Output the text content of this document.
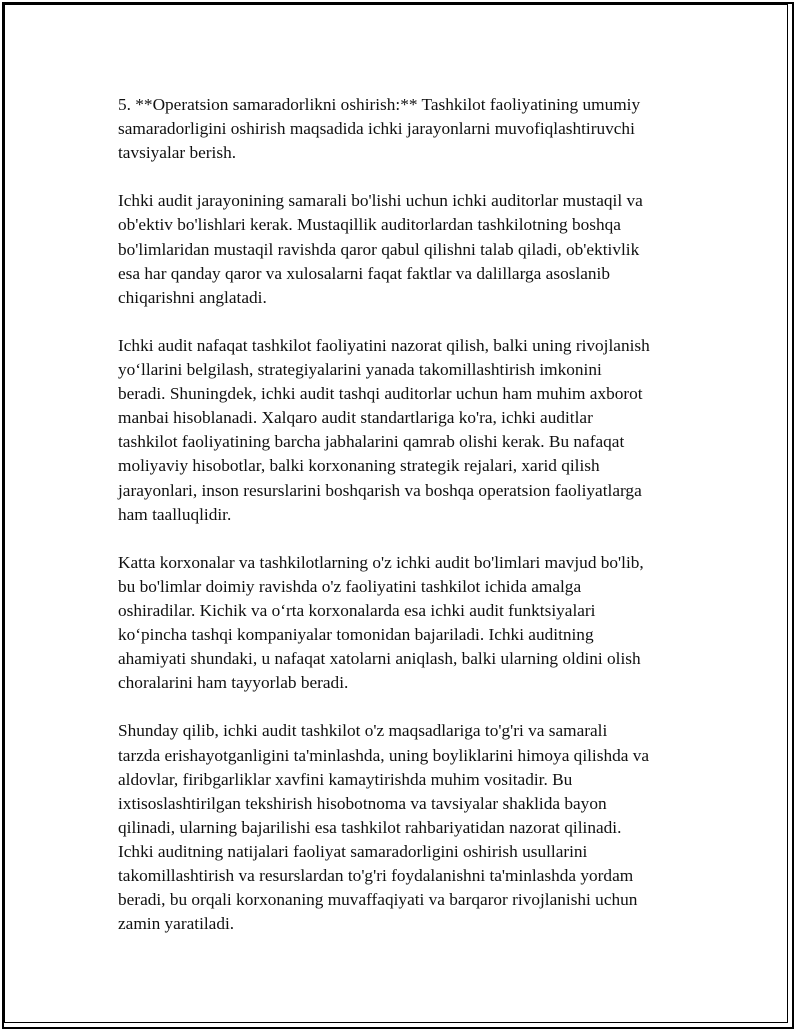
5. **Operatsion samaradorlikni oshirish:** Tashkilot faoliyatining umumiy
samaradorligini oshirish maqsadida ichki jarayonlarni muvofiqlashtiruvchi
tavsiyalar berish.

Ichki audit jarayonining samarali bo'lishi uchun ichki auditorlar mustaqil va
ob'ektiv bo'lishlari kerak. Mustaqillik auditorlardan tashkilotning boshqa
bo'limlaridan mustaqil ravishda qaror qabul qilishni talab qiladi, ob'ektivlik
esa har qanday qaror va xulosalarni faqat faktlar va dalillarga asoslanib
chiqarishni anglatadi.

Ichki audit nafaqat tashkilot faoliyatini nazorat qilish, balki uning rivojlanish
yo‘llarini belgilash, strategiyalarini yanada takomillashtirish imkonini
beradi. Shuningdek, ichki audit tashqi auditorlar uchun ham muhim axborot
manbai hisoblanadi. Xalqaro audit standartlariga ko'ra, ichki auditlar
tashkilot faoliyatining barcha jabhalarini qamrab olishi kerak. Bu nafaqat
moliyaviy hisobotlar, balki korxonaning strategik rejalari, xarid qilish
jarayonlari, inson resurslarini boshqarish va boshqa operatsion faoliyatlarga
ham taalluqlidir.

Katta korxonalar va tashkilotlarning o'z ichki audit bo'limlari mavjud bo'lib,
bu bo'limlar doimiy ravishda o'z faoliyatini tashkilot ichida amalga
oshiradilar. Kichik va o‘rta korxonalarda esa ichki audit funktsiyalari
ko‘pincha tashqi kompaniyalar tomonidan bajariladi. Ichki auditning
ahamiyati shundaki, u nafaqat xatolarni aniqlash, balki ularning oldini olish
choralarini ham tayyorlab beradi.

Shunday qilib, ichki audit tashkilot o'z maqsadlariga to'g'ri va samarali
tarzda erishayotganligini ta'minlashda, uning boyliklarini himoya qilishda va
aldovlar, firibgarliklar xavfini kamaytirishda muhim vositadir. Bu
ixtisoslashtirilgan tekshirish hisobotnoma va tavsiyalar shaklida bayon
qilinadi, ularning bajarilishi esa tashkilot rahbariyatidan nazorat qilinadi.
Ichki auditning natijalari faoliyat samaradorligini oshirish usullarini
takomillashtirish va resurslardan to'g'ri foydalanishni ta'minlashda yordam
beradi, bu orqali korxonaning muvaffaqiyati va barqaror rivojlanishi uchun
zamin yaratiladi.
